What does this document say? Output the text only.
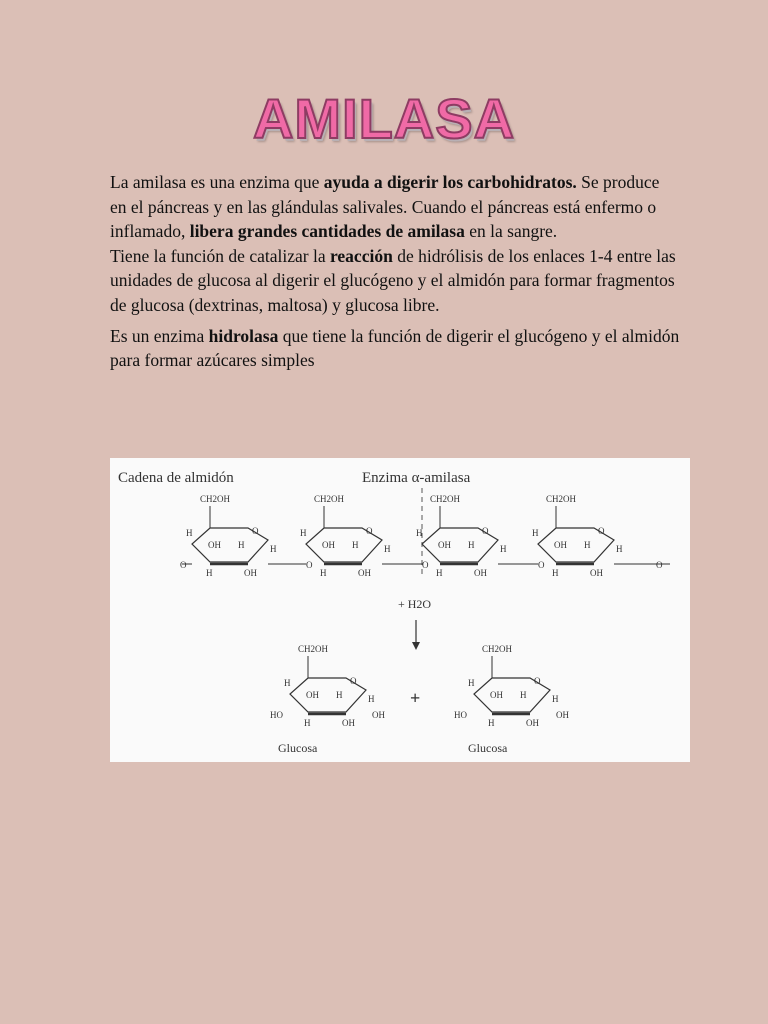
AMILASA

La amilasa es una enzima que ayuda a digerir los carbohidratos. Se produce en el páncreas y en las glándulas salivales. Cuando el páncreas está enfermo o inflamado, libera grandes cantidades de amilasa en la sangre.

Tiene la función de catalizar la reacción de hidrólisis de los enlaces 1-4 entre las unidades de glucosa al digerir el glucógeno y el almidón para formar fragmentos de glucosa (dextrinas, maltosa) y glucosa libre.

Es un enzima hidrolasa que tiene la función de digerir el glucógeno y el almidón para formar azúcares simples

Cadena de almidón	Enzima α-amilasa
+ H2O
+
Glucosa	Glucosa
CH2OH
O
H
OH H	H
H	OH
CH2OH
O
H
OH H	H
H	OH
CH2OH
O
H
OH H	H
H	OH
CH2OH
O
H
OH H	H
H	OH
O	O	O	O	O
CH2OH
O
H
OH H	H
H	OH
HO	OH
CH2OH
O
H
OH H	H
H	OH
HO	OH
